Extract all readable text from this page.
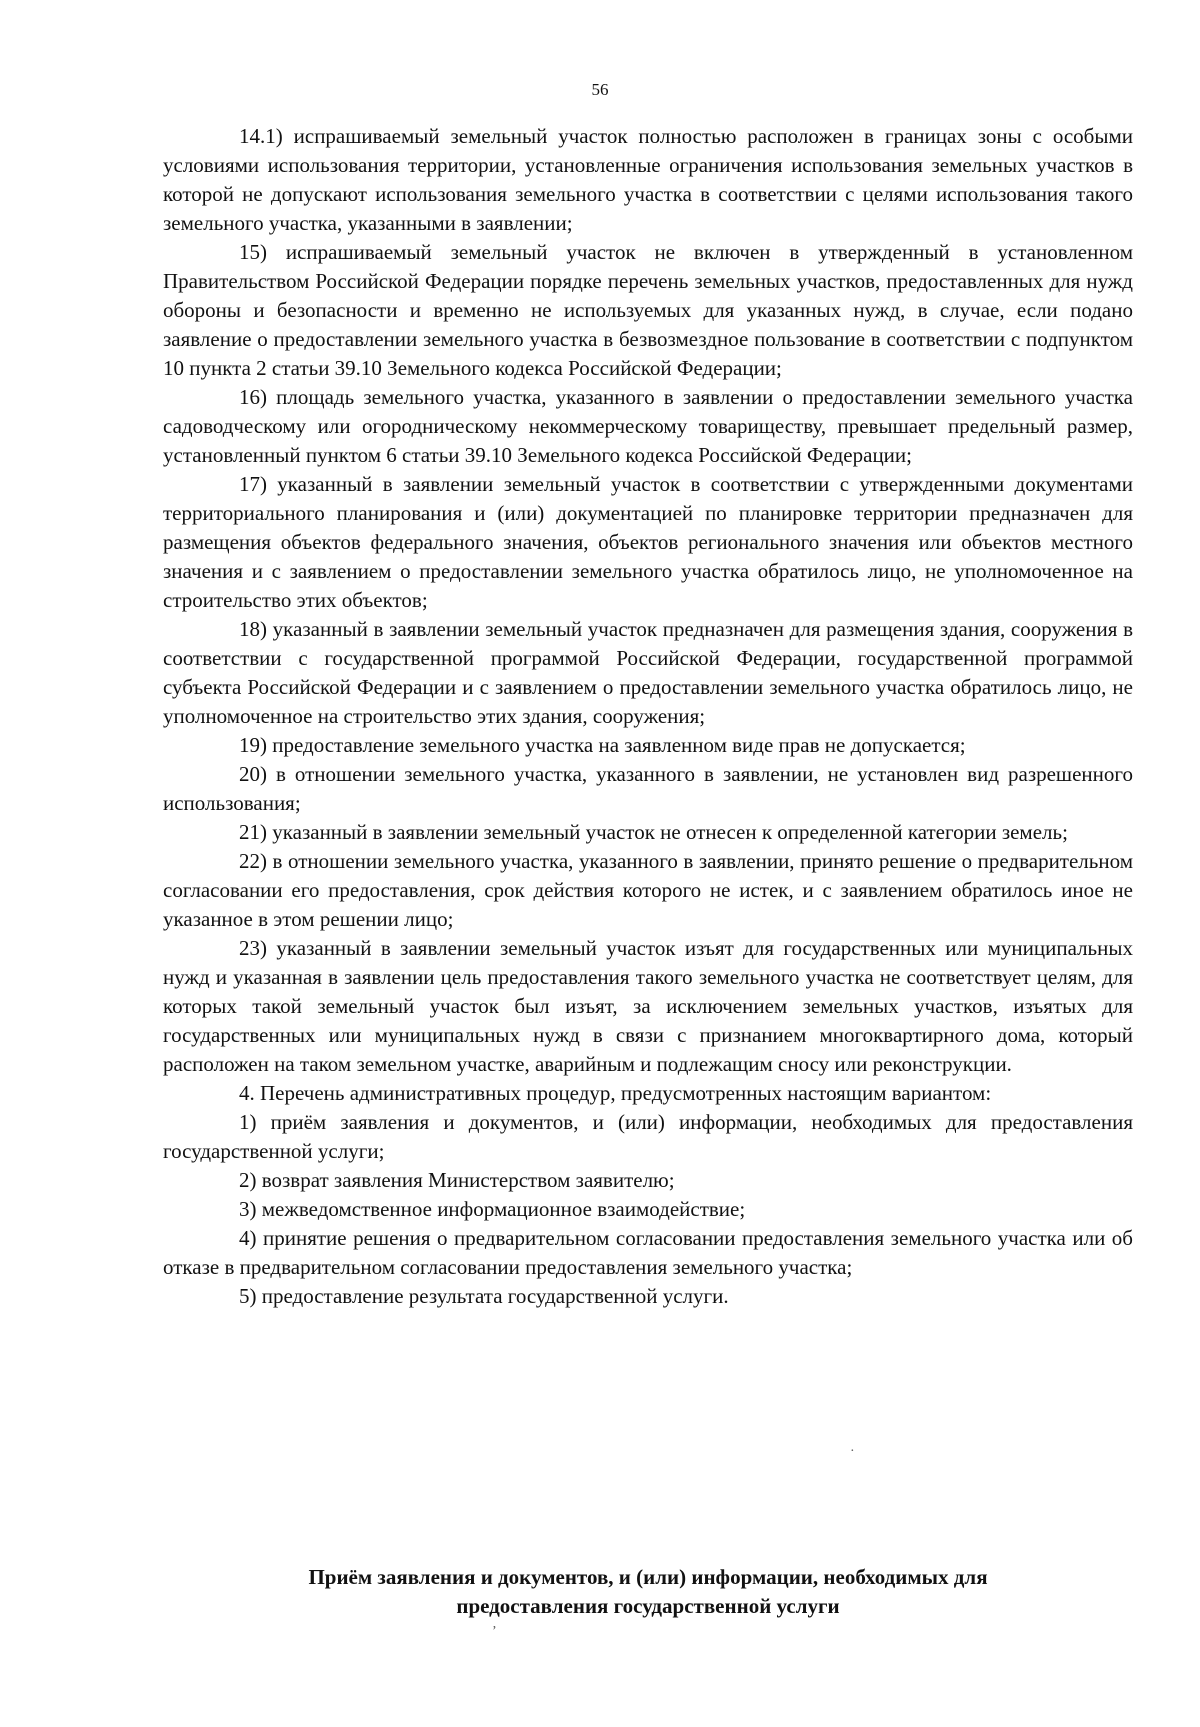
56

14.1) испрашиваемый земельный участок полностью расположен в границах зоны с особыми условиями использования территории, установленные ограничения использования земельных участков в которой не допускают использования земельного участка в соответствии с целями использования такого земельного участка, указанными в заявлении;

15) испрашиваемый земельный участок не включен в утвержденный в установленном Правительством Российской Федерации порядке перечень земельных участков, предоставленных для нужд обороны и безопасности и временно не используемых для указанных нужд, в случае, если подано заявление о предоставлении земельного участка в безвозмездное пользование в соответствии с подпунктом 10 пункта 2 статьи 39.10 Земельного кодекса Российской Федерации;

16) площадь земельного участка, указанного в заявлении о предоставлении земельного участка садоводческому или огородническому некоммерческому товариществу, превышает предельный размер, установленный пунктом 6 статьи 39.10 Земельного кодекса Российской Федерации;

17) указанный в заявлении земельный участок в соответствии с утвержденными документами территориального планирования и (или) документацией по планировке территории предназначен для размещения объектов федерального значения, объектов регионального значения или объектов местного значения и с заявлением о предоставлении земельного участка обратилось лицо, не уполномоченное на строительство этих объектов;

18) указанный в заявлении земельный участок предназначен для размещения здания, сооружения в соответствии с государственной программой Российской Федерации, государственной программой субъекта Российской Федерации и с заявлением о предоставлении земельного участка обратилось лицо, не уполномоченное на строительство этих здания, сооружения;

19) предоставление земельного участка на заявленном виде прав не допускается;

20) в отношении земельного участка, указанного в заявлении, не установлен вид разрешенного использования;

21) указанный в заявлении земельный участок не отнесен к определенной категории земель;

22) в отношении земельного участка, указанного в заявлении, принято решение о предварительном согласовании его предоставления, срок действия которого не истек, и с заявлением обратилось иное не указанное в этом решении лицо;

23) указанный в заявлении земельный участок изъят для государственных или муниципальных нужд и указанная в заявлении цель предоставления такого земельного участка не соответствует целям, для которых такой земельный участок был изъят, за исключением земельных участков, изъятых для государственных или муниципальных нужд в связи с признанием многоквартирного дома, который расположен на таком земельном участке, аварийным и подлежащим сносу или реконструкции.

4. Перечень административных процедур, предусмотренных настоящим вариантом:

1) приём заявления и документов, и (или) информации, необходимых для предоставления государственной услуги;

2) возврат заявления Министерством заявителю;

3) межведомственное информационное взаимодействие;

4) принятие решения о предварительном согласовании предоставления земельного участка или об отказе в предварительном согласовании предоставления земельного участка;

5) предоставление результата государственной услуги.

Приём заявления и документов, и (или) информации, необходимых для
предоставления государственной услуги
ʼ
·
